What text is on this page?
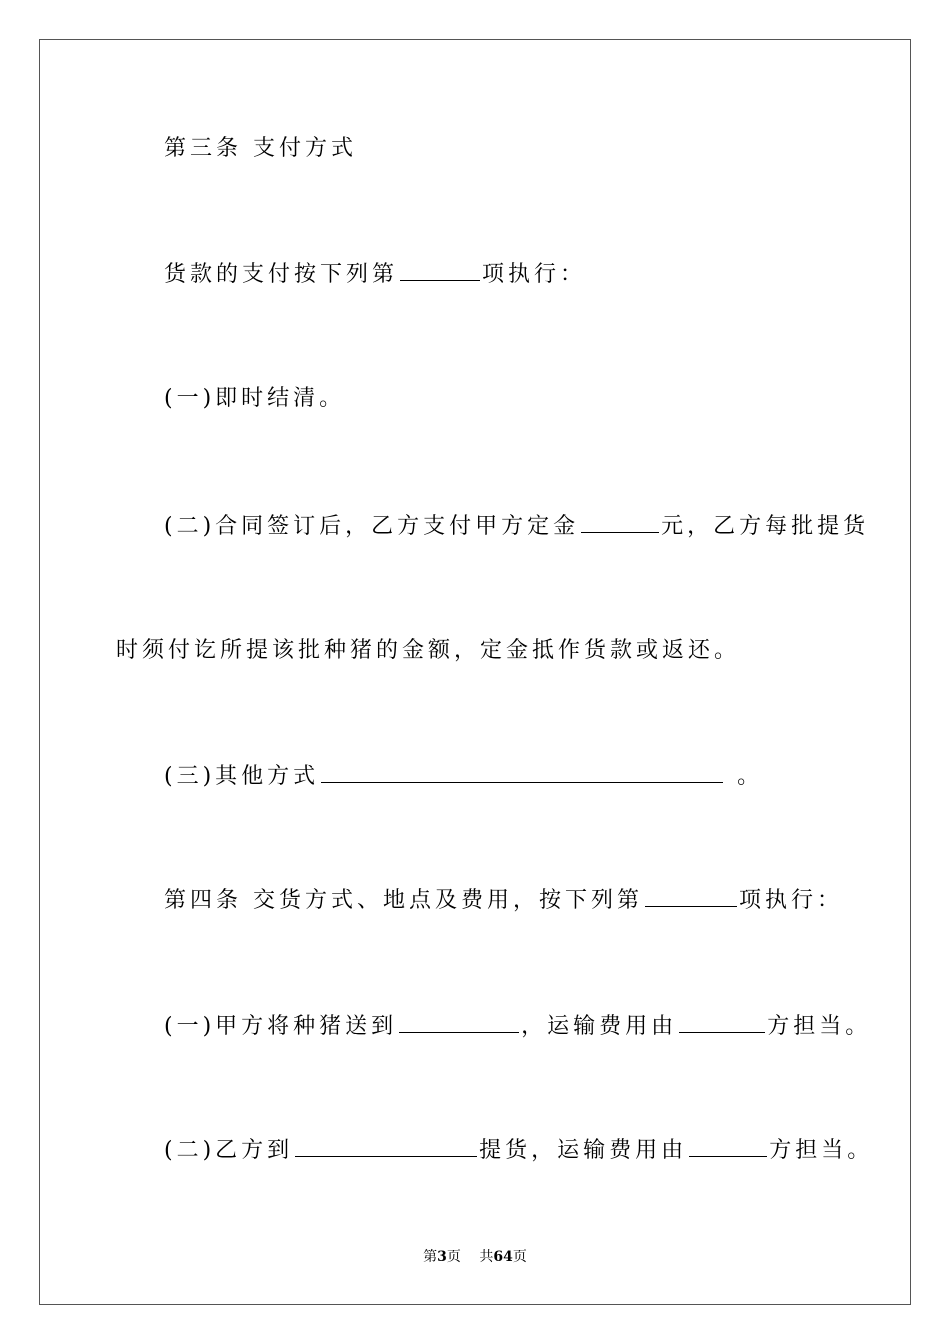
第三条 支付方式
货款的支付按下列第	项执行：
(一)即时结清。
(二)合同签订后，乙方支付甲方定金	元，乙方每批提货
时须付讫所提该批种猪的金额，定金抵作货款或返还。
(三)其他方式	。
第四条 交货方式、地点及费用，按下列第	项执行：
(一)甲方将种猪送到	，运输费用由	方担当。
(二)乙方到	提货，运输费用由	方担当。
第3页 共64页
